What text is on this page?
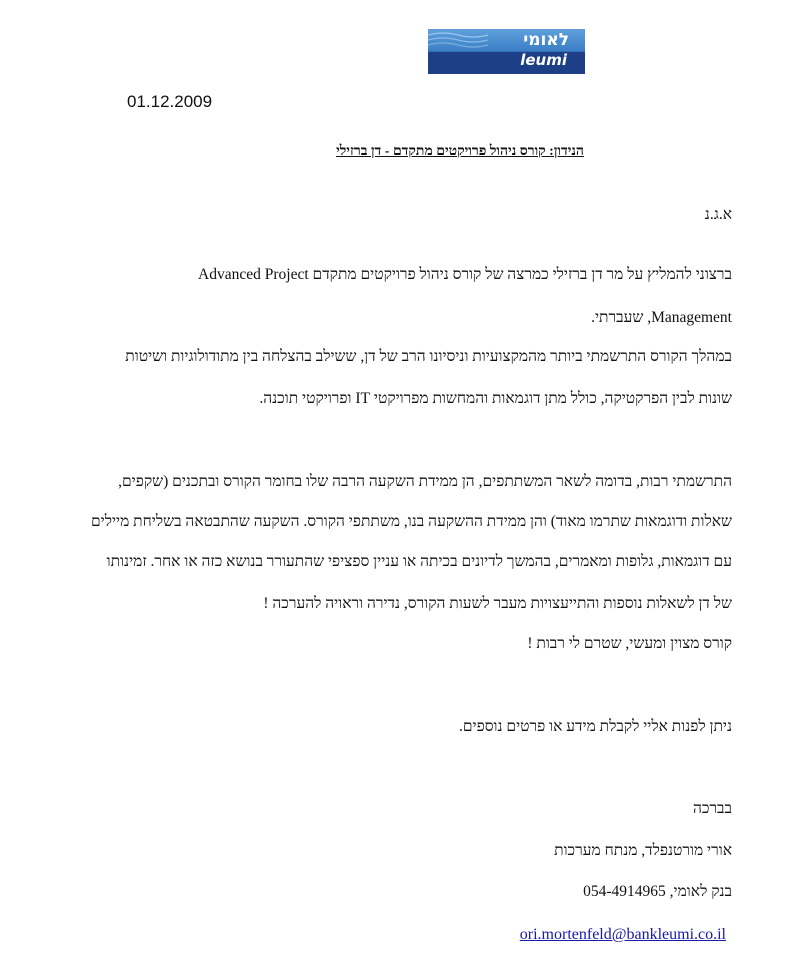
לאומי
leumi
01.12.2009
הנידון: קורס ניהול פרויקטים מתקדם - דן ברזילי
א.ג.נ
ברצוני להמליץ על מר דן ברזילי כמרצה של קורס ניהול פרויקטים מתקדם Advanced Project
Management, שעברתי.
במהלך הקורס התרשמתי ביותר מהמקצועיות וניסיונו הרב של דן, ששילב בהצלחה בין מתודולוגיות ושיטות
שונות לבין הפרקטיקה, כולל מתן דוגמאות והמחשות מפרויקטי IT ופרויקטי תוכנה.
התרשמתי רבות, בדומה לשאר המשתתפים, הן ממידת השקעה הרבה שלו בחומר הקורס ובתכנים (שקפים,
שאלות ודוגמאות שתרמו מאוד) והן ממידת ההשקעה בנו, משתתפי הקורס. השקעה שהתבטאה בשליחת מיילים
עם דוגמאות, גלופות ומאמרים, בהמשך לדיונים בכיתה או עניין ספציפי שהתעורר בנושא כזה או אחר. זמינותו
של דן לשאלות נוספות והתייעצויות מעבר לשעות הקורס, נדירה וראויה להערכה !
קורס מצוין ומעשי, שטרם לי רבות !
ניתן לפנות אליי לקבלת מידע או פרטים נוספים.
בברכה
אורי מורטנפלד, מנתח מערכות
בנק לאומי, 054-4914965
ori.mortenfeld@bankleumi.co.il
